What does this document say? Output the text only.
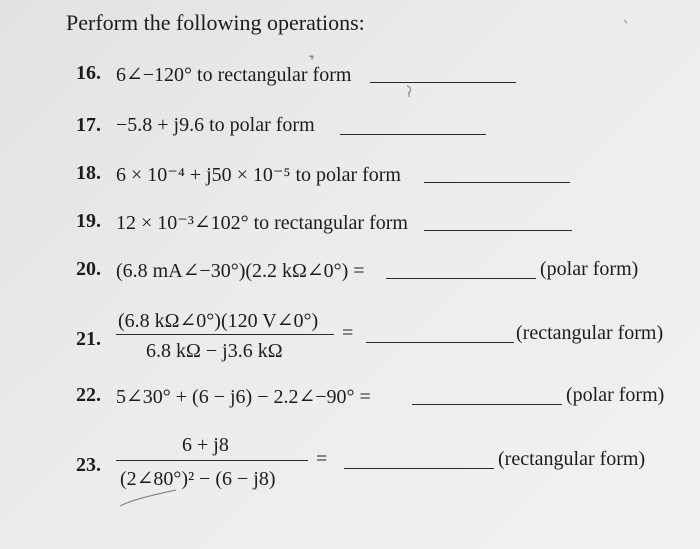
Perform the following operations:
16. 6∠−120° to rectangular form
17. −5.8 + j9.6 to polar form
18. 6 × 10⁻⁴ + j50 × 10⁻⁵ to polar form
19. 12 × 10⁻³∠102° to rectangular form
20. (6.8 mA∠−30°)(2.2 kΩ∠0°) =	(polar form)
21.
(6.8 kΩ∠0°)(120 V∠0°)
6.8 kΩ − j3.6 kΩ
=	(rectangular form)
22. 5∠30° + (6 − j6) − 2.2∠−90° =	(polar form)
23.
6 + j8
(2∠80°)² − (6 − j8)
=	(rectangular form)
